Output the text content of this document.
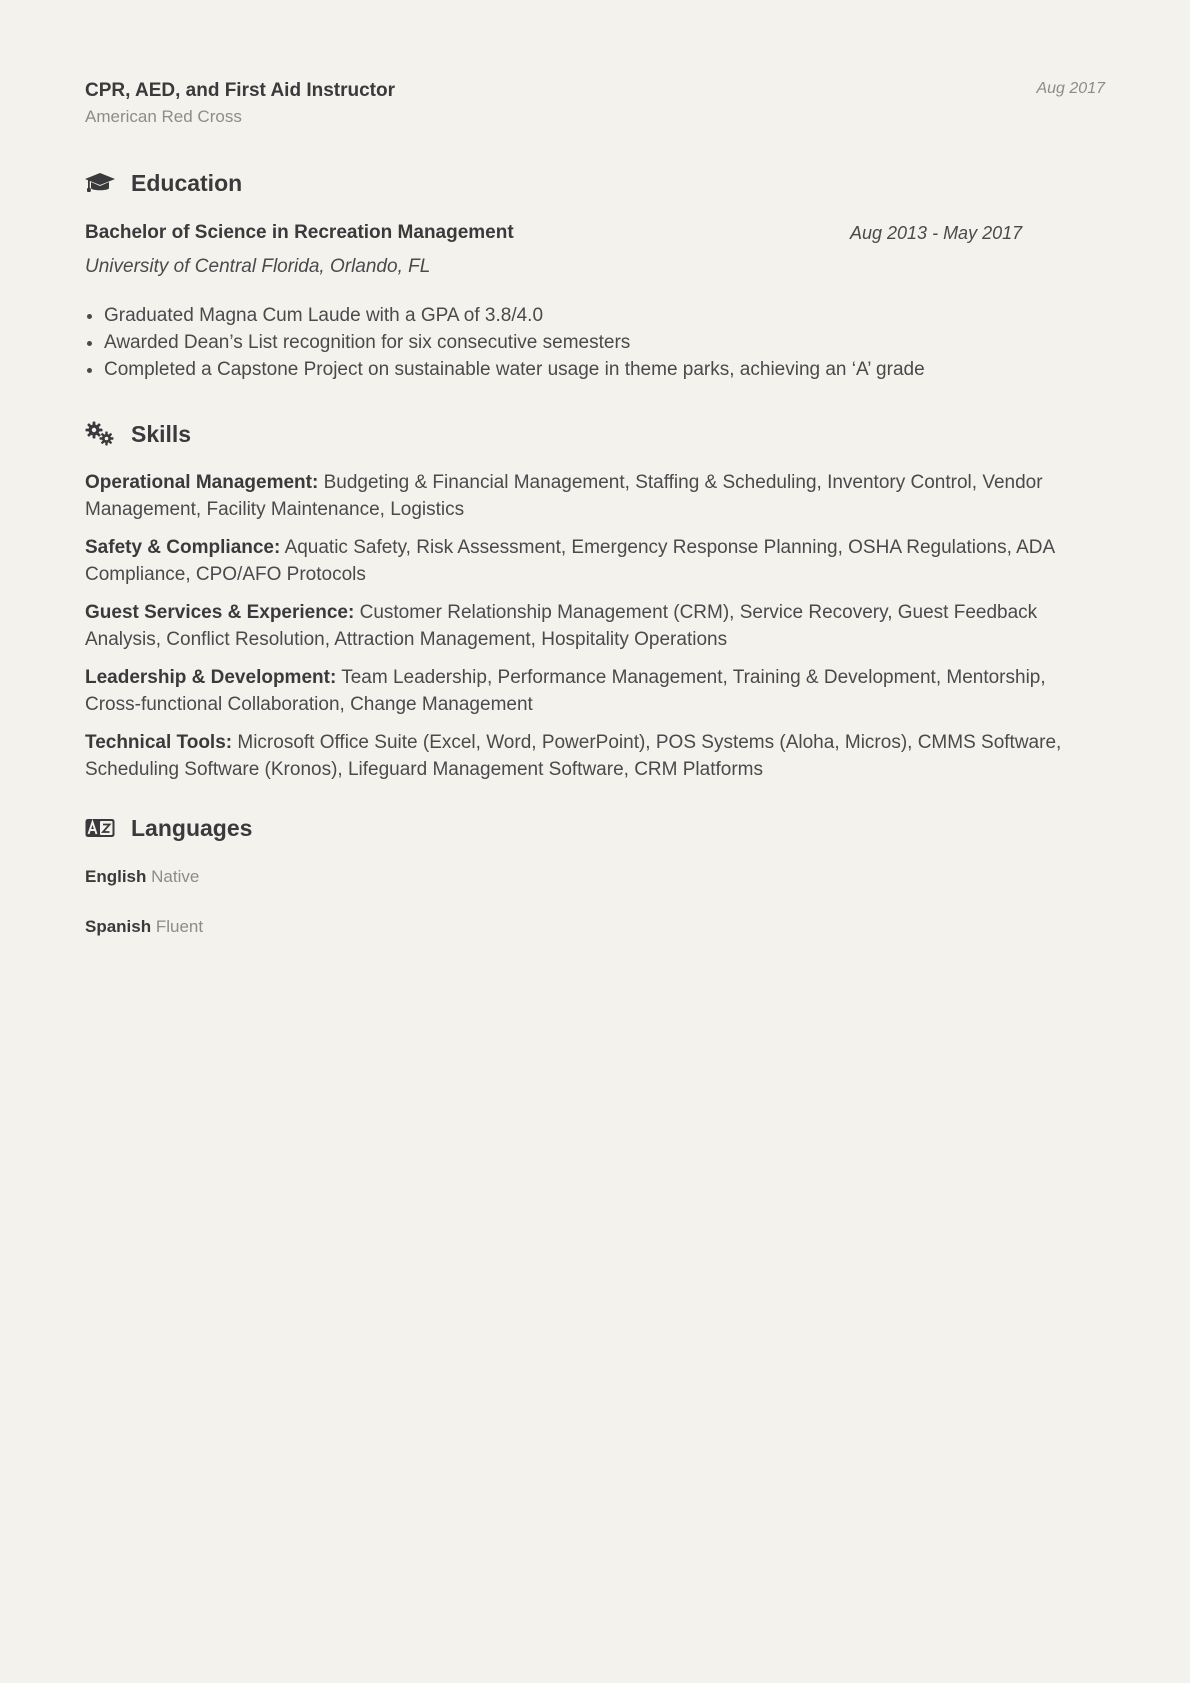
CPR, AED, and First Aid Instructor
American Red Cross
Aug 2017
Education
Bachelor of Science in Recreation Management	Aug 2013 - May 2017
University of Central Florida, Orlando, FL
• Graduated Magna Cum Laude with a GPA of 3.8/4.0
• Awarded Dean’s List recognition for six consecutive semesters
• Completed a Capstone Project on sustainable water usage in theme parks, achieving an ‘A’ grade
Skills
Operational Management: Budgeting & Financial Management, Staffing & Scheduling, Inventory Control, Vendor Management, Facility Maintenance, Logistics
Safety & Compliance: Aquatic Safety, Risk Assessment, Emergency Response Planning, OSHA Regulations, ADA Compliance, CPO/AFO Protocols
Guest Services & Experience: Customer Relationship Management (CRM), Service Recovery, Guest Feedback Analysis, Conflict Resolution, Attraction Management, Hospitality Operations
Leadership & Development: Team Leadership, Performance Management, Training & Development, Mentorship, Cross-functional Collaboration, Change Management
Technical Tools: Microsoft Office Suite (Excel, Word, PowerPoint), POS Systems (Aloha, Micros), CMMS Software, Scheduling Software (Kronos), Lifeguard Management Software, CRM Platforms
Languages
English Native
Spanish Fluent
